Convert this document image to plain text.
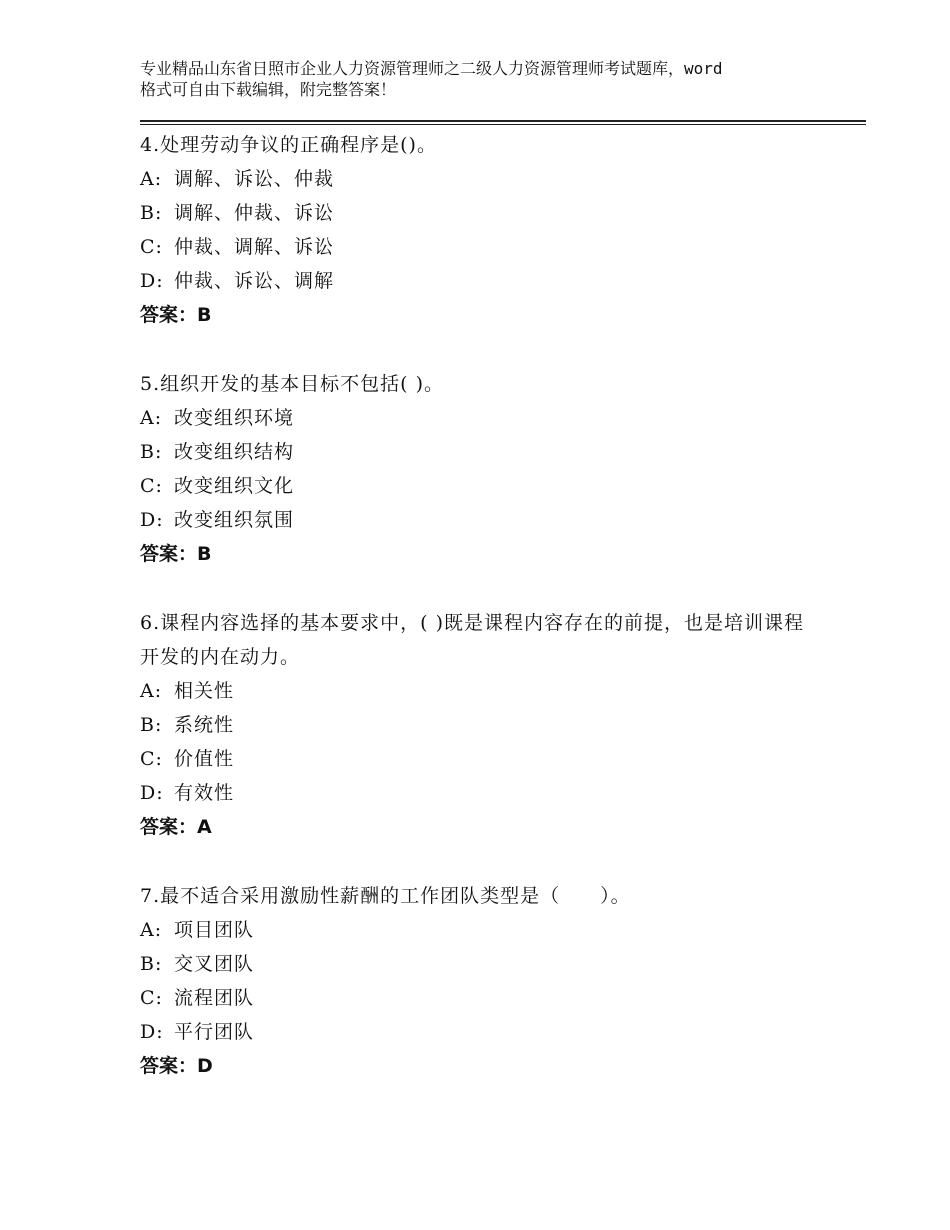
专业精品山东省日照市企业人力资源管理师之二级人力资源管理师考试题库，word
格式可自由下载编辑，附完整答案！
4.处理劳动争议的正确程序是()。
A: 调解、诉讼、仲裁
B: 调解、仲裁、诉讼
C: 仲裁、调解、诉讼
D: 仲裁、诉讼、调解
答案：B
5.组织开发的基本目标不包括( )。
A: 改变组织环境
B: 改变组织结构
C: 改变组织文化
D: 改变组织氛围
答案：B
6.课程内容选择的基本要求中，( )既是课程内容存在的前提，也是培训课程开发的内在动力。
A: 相关性
B: 系统性
C: 价值性
D: 有效性
答案：A
7.最不适合采用激励性薪酬的工作团队类型是（　　）。
A: 项目团队
B: 交叉团队
C: 流程团队
D: 平行团队
答案：D
